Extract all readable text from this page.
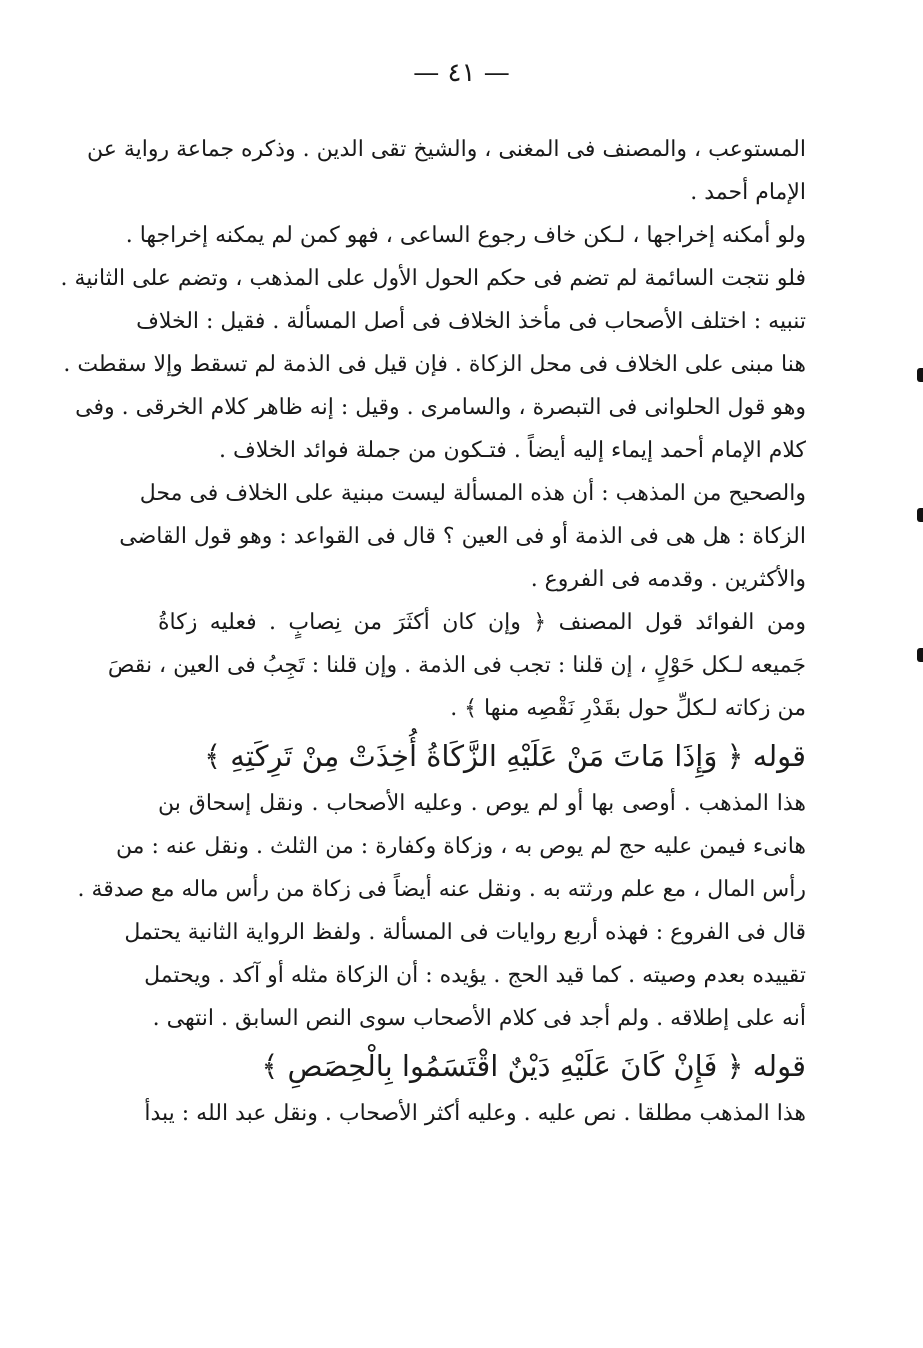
— ٤١ —
المستوعب ، والمصنف فى المغنى ، والشيخ تقى الدين . وذكره جماعة رواية عن
الإمام أحمد .
ولو أمكنه إخراجها ، لـكن خاف رجوع الساعى ، فهو كمن لم يمكنه إخراجها .
فلو نتجت السائمة لم تضم فى حكم الحول الأول على المذهب ، وتضم على الثانية .
تنبيه : اختلف الأصحاب فى مأخذ الخلاف فى أصل المسألة . فقيل : الخلاف
هنا مبنى على الخلاف فى محل الزكاة . فإن قيل فى الذمة لم تسقط وإلا سقطت .
وهو قول الحلوانى فى التبصرة ، والسامرى . وقيل : إنه ظاهر كلام الخرقى . وفى
كلام الإمام أحمد إيماء إليه أيضاً . فتـكون من جملة فوائد الخلاف .
والصحيح من المذهب : أن هذه المسألة ليست مبنية على الخلاف فى محل
الزكاة : هل هى فى الذمة أو فى العين ؟ قال فى القواعد : وهو قول القاضى
والأكثرين . وقدمه فى الفروع .
ومن الفوائد قول المصنف ﴿ وإن كان أكثَرَ من نِصابٍ . فعليه زكاةُ
جَميعه لـكل حَوْلٍ ، إن قلنا : تجب فى الذمة . وإن قلنا : تَجِبُ فى العين ، نقصَ
من زكاته لـكلِّ حول بقَدْرِ نَقْصِه منها ﴾ .
قوله ﴿ وَإِذَا مَاتَ مَنْ عَلَيْهِ الزَّكَاةُ أُخِذَتْ مِنْ تَرِكَتِهِ ﴾
هذا المذهب . أوصى بها أو لم يوص . وعليه الأصحاب . ونقل إسحاق بن
هانىء فيمن عليه حج لم يوص به ، وزكاة وكفارة : من الثلث . ونقل عنه : من
رأس المال ، مع علم ورثته به . ونقل عنه أيضاً فى زكاة من رأس ماله مع صدقة .
قال فى الفروع : فهذه أربع روايات فى المسألة . ولفظ الرواية الثانية يحتمل
تقييده بعدم وصيته . كما قيد الحج . يؤيده : أن الزكاة مثله أو آكد . ويحتمل
أنه على إطلاقه . ولم أجد فى كلام الأصحاب سوى النص السابق . انتهى .
قوله ﴿ فَإِنْ كَانَ عَلَيْهِ دَيْنٌ اقْتَسَمُوا بِالْحِصَصِ ﴾
هذا المذهب مطلقا . نص عليه . وعليه أكثر الأصحاب . ونقل عبد الله : يبدأ
